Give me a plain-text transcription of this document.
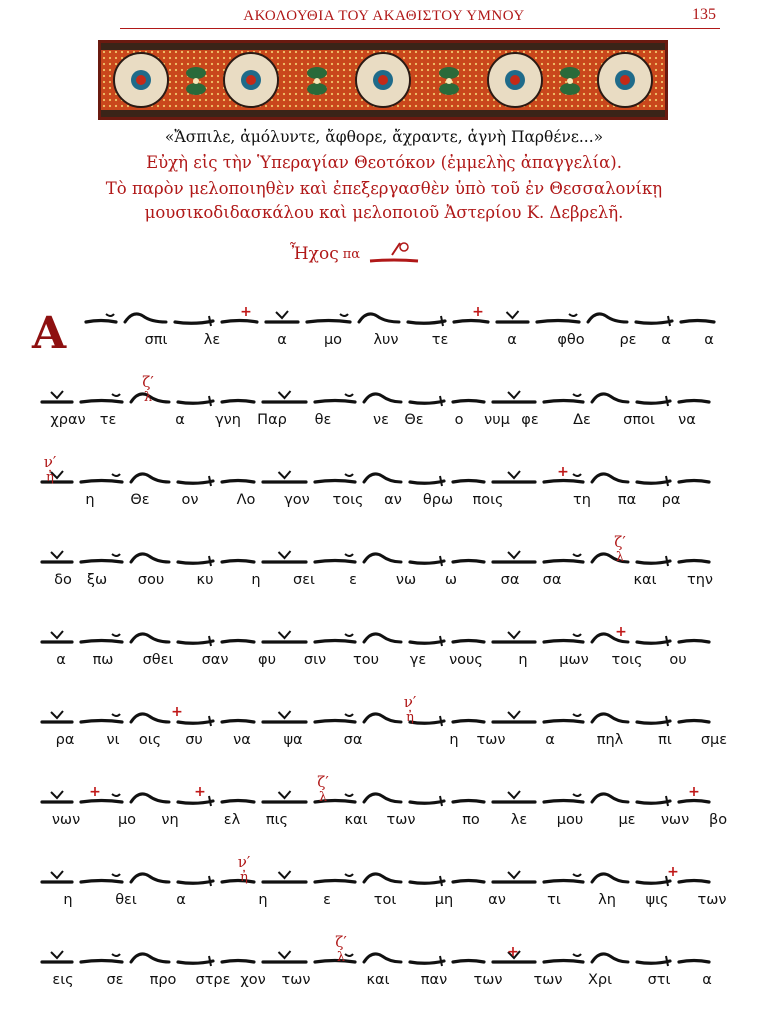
ΑΚΟΛΟΥΘΙΑ ΤΟΥ ΑΚΑΘΙΣΤΟΥ ΥΜΝΟΥ	135
«Ἄσπιλε, ἀμόλυντε, ἄφθορε, ἄχραντε, ἁγνὴ Παρθένε...»
Εὐχὴ εἰς τὴν Ὑπεραγίαν Θεοτόκον (ἐμμελὴς ἀπαγγελία).
Τὸ παρὸν μελοποιηθὲν καὶ ἐπεξεργασθὲν ὑπὸ τοῦ ἐν Θεσσαλονίκῃ
μουσικοδιδασκάλου καὶ μελοποιοῦ Ἀστερίου Κ. Δεβρελῆ.
Ἦχος πα
+	+
σπι	λε	α	μο λυν τε	α	φθο ρε α α
ζ′
λ
χραν τε	α γνη Παρ θε	νε Θε ο νυμ φε Δε σποι να
+
ν′
ἠ
η Θε ον	Λο γον τοις αν θρω ποις	τη πα ρα
ζ′
λ
δο ξω σου κυ	η σει ε	νω ω	σα σα	και την
+
α πω σθει σαν φυ σιν του γε νους η μων τοις ου
+
ν′
ἠ
ρα νι οις συ να ψα	σα	η των	α	πηλ πι σμε
+	+	+
ζ′
λ
νων	μο νη	ελ πις	και των	πο λε μου με νων βο
+
ν′
ἠ
η	θει	α	η	ε	τοι	μη αν	τι	λη ψις των
+
ζ′
λ
εις σε προ στρε χον των	και παν των των Χρι στι α
Α
